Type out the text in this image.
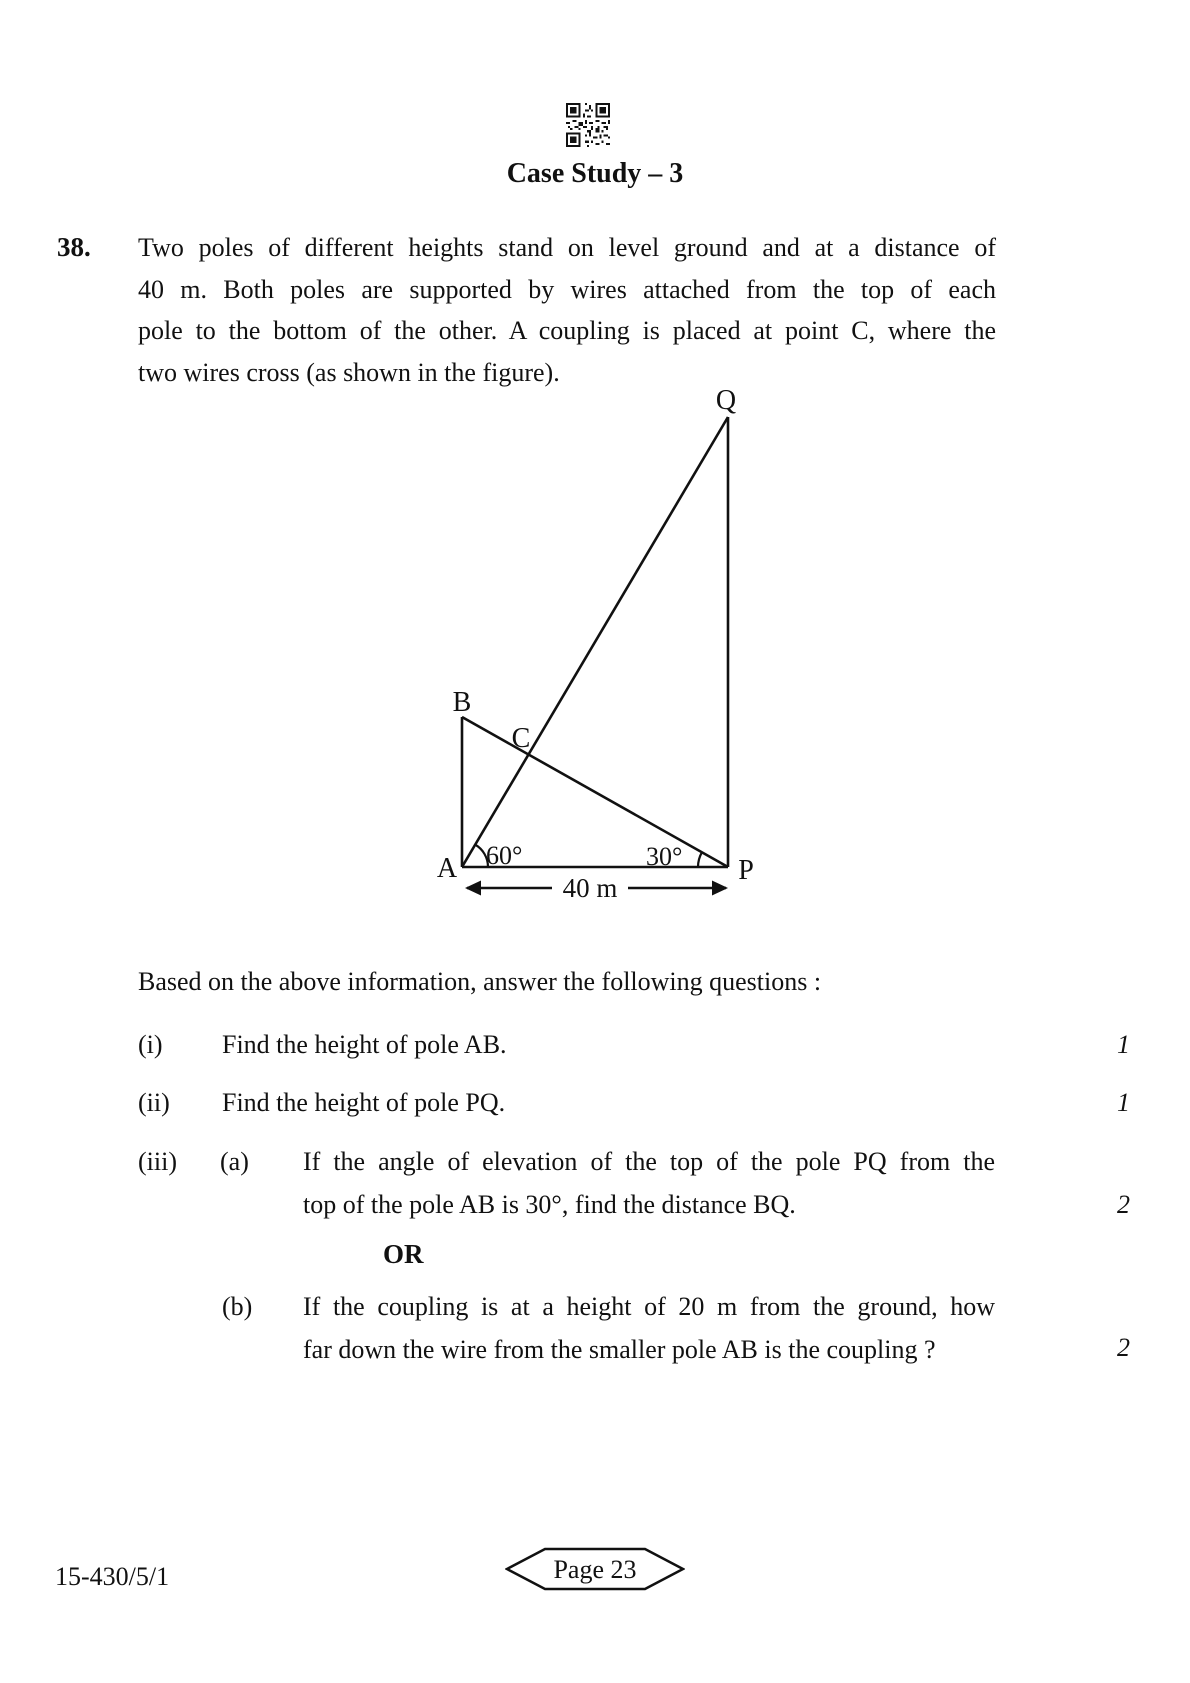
Case Study – 3
38. Two poles of different heights stand on level ground and at a distance of
40 m. Both poles are supported by wires attached from the top of each
pole to the bottom of the other. A coupling is placed at point C, where the
two wires cross (as shown in the figure).
Q
B
C
A	P
60°	30°
40 m
Based on the above information, answer the following questions :
(i) Find the height of pole AB.	1
(ii) Find the height of pole PQ.	1
(iii) (a) If the angle of elevation of the top of the pole PQ from the
top of the pole AB is 30°, find the distance BQ.	2
OR
(b) If the coupling is at a height of 20 m from the ground, how
far down the wire from the smaller pole AB is the coupling ?	2
15-430/5/1	Page 23
